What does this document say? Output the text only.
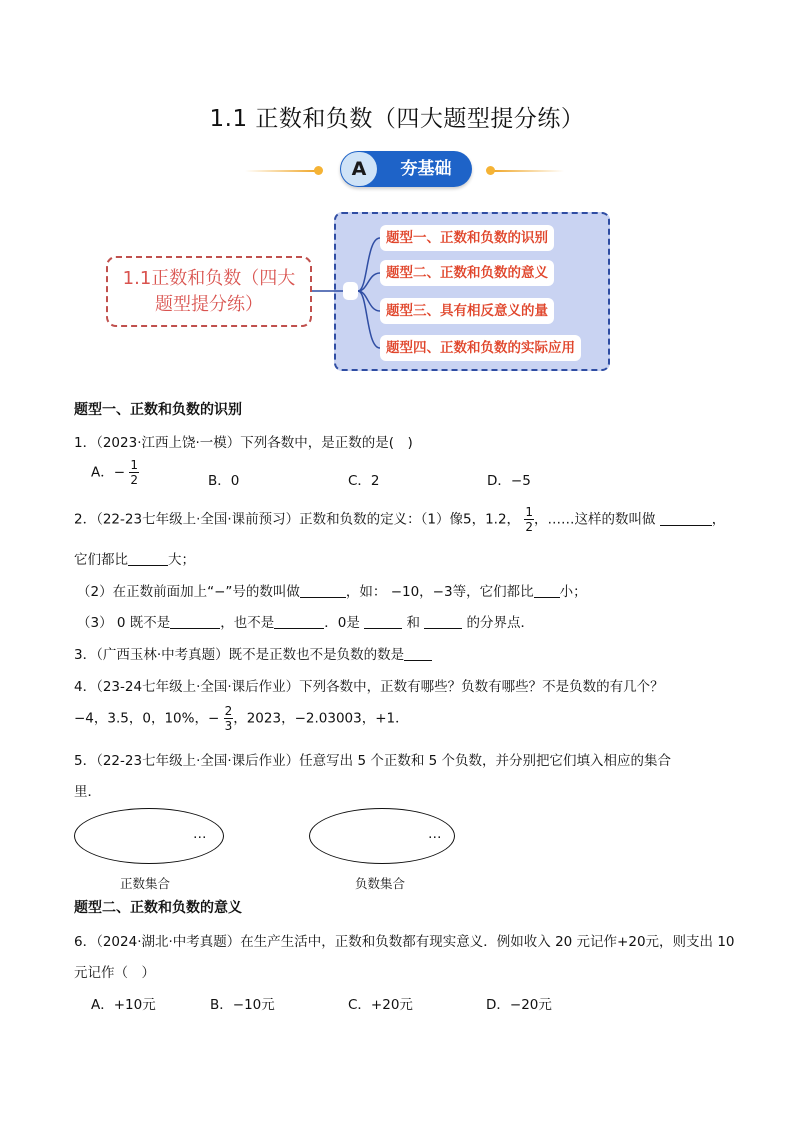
1.1 正数和负数（四大题型提分练）
A	夯基础
1.1正数和负数（四大
题型提分练）
题型一、正数和负数的识别
题型二、正数和负数的意义
题型三、具有相反意义的量
题型四、正数和负数的实际应用
题型一、正数和负数的识别
1．（2023·江西上饶·一模）下列各数中，是正数的是(　)
A．− $\frac{1}{2}$	B．0	C．2	D．−5
2．（22-23七年级上·全国·课前预习）正数和负数的定义：（1）像5，1.2， $\frac{1}{2}$ ，……这样的数叫做	，
它们都比	大；
（2）在正数前面加上“−”号的数叫做	，如： −10，−3等，它们都比 小；
（3） 0 既不是	，也不是	．0是	和	的分界点．
3．（广西玉林·中考真题）既不是正数也不是负数的数是
4．（23-24七年级上·全国·课后作业）下列各数中，正数有哪些？负数有哪些？不是负数的有几个？
−4，3.5，0，10%，− $\frac{2}{3}$ ，2023，−2.03003，+1．
5．（22-23七年级上·全国·课后作业）任意写出 5 个正数和 5 个负数，并分别把它们填入相应的集合
里．
…
正数集合
…
负数集合
题型二、正数和负数的意义
6．（2024·湖北·中考真题）在生产生活中，正数和负数都有现实意义．例如收入 20 元记作+20元，则支出 10
元记作（　）
A．+10元	B．−10元	C．+20元	D．−20元
